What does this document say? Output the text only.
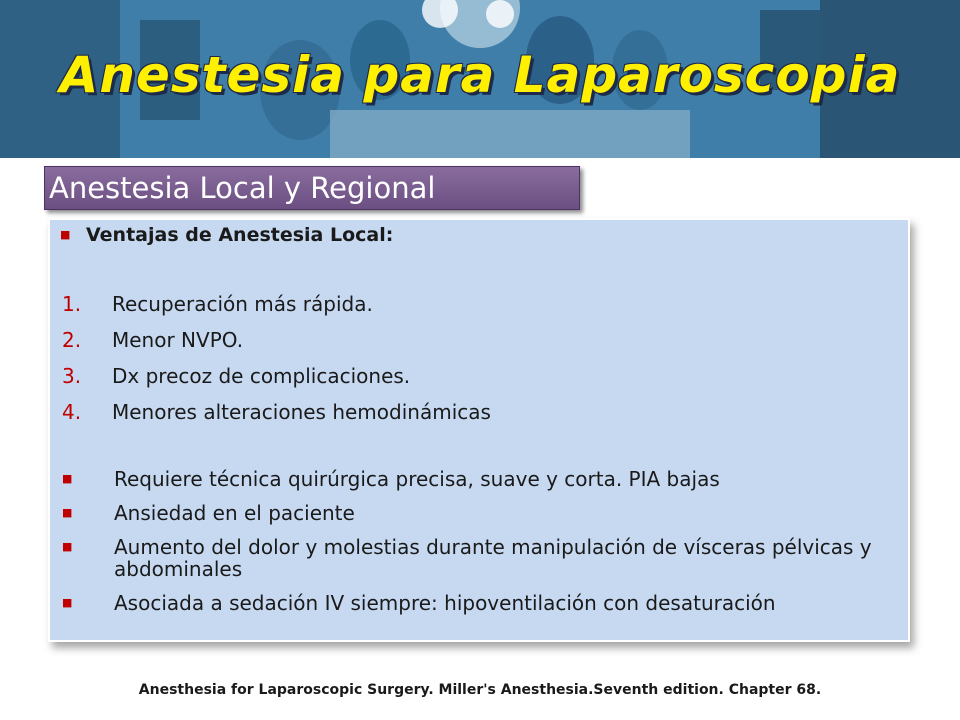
Anestesia para Laparoscopia
Anestesia Local y Regional
■ Ventajas de Anestesia Local:
1. Recuperación más rápida.
2. Menor NVPO.
3. Dx precoz de complicaciones.
4. Menores alteraciones hemodinámicas
■	Requiere técnica quirúrgica precisa, suave y corta. PIA bajas
■	Ansiedad en el paciente
■	Aumento del dolor y molestias durante manipulación de vísceras pélvicas y abdominales
■	Asociada a sedación IV siempre: hipoventilación con desaturación
Anesthesia for Laparoscopic Surgery. Miller's Anesthesia.Seventh edition. Chapter 68.
